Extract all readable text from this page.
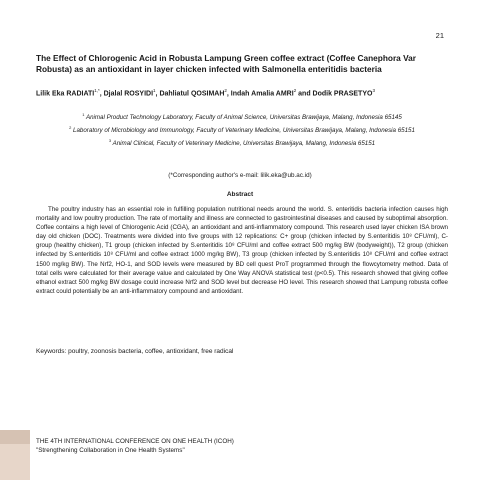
21
The Effect of Chlorogenic Acid in Robusta Lampung Green coffee extract (Coffee Canephora Var Robusta) as an antioxidant in layer chicken infected with Salmonella enteritidis bacteria
Lilik Eka $RADIATI^{1,*}$, Djalal ROSYIDI$^1$, Dahliatul QOSIMAH$^2$, Indah Amalia AMRI$^2$ and Dodik PRASETYO$^3$

$^1$ Animal Product Technology Laboratory, Faculty of Animal Science, Universitas Brawijaya, Malang, Indonesia 65145

$^2$ Laboratory of Microbiology and Immunology, Faculty of Veterinary Medicine, Universitas Brawijaya, Malang, Indonesia 65151

$^3$ Animal Clinical, Faculty of Veterinary Medicine, Universitas Brawijaya, Malang, Indonesia 65151

(*Corresponding author's e-mail: lilik.eka@ub.ac.id)
Abstract

The poultry industry has an essential role in fulfilling population nutritional needs around the world. S. enteritidis bacteria infection causes high mortality and low poultry production. The rate of mortality and illness are connected to gastrointestinal diseases and caused by suboptimal absorption. Coffee contains a high level of Chlorogenic Acid (CGA), an antioxidant and anti-inflammatory compound. This research used layer chicken ISA brown day old chicken (DOC). Treatments were divided into five groups with 12 replications: C+ group (chicken infected by S.enteritidis 10⁸ CFU/ml), C- group (healthy chicken), T1 group (chicken infected by S.enteritidis 10⁸ CFU/ml and coffee extract 500 mg/kg BW (bodyweight)), T2 group (chicken infected by S.enteritidis 10⁸ CFU/ml and coffee extract 1000 mg/kg BW), T3 group (chicken infected by S.enteritidis 10⁸ CFU/ml and coffee extract 1500 mg/kg BW). The Nrf2, HO-1, and SOD levels were measured by BD cell quest ProT programmed through the flowcytometry method. Data of total cells were calculated for their average value and calculated by One Way ANOVA statistical test (p<0.5). This research showed that giving coffee ethanol extract 500 mg/kg BW dosage could increase Nrf2 and SOD level but decrease HO level. This research showed that Lampung robusta coffee extract could potentially be an anti-inflammatory compound and antioxidant.

Keywords: poultry, zoonosis bacteria, coffee, antioxidant, free radical
THE 4TH INTERNATIONAL CONFERENCE ON ONE HEALTH (ICOH)
"Strengthening Collaboration in One Health Systems"
